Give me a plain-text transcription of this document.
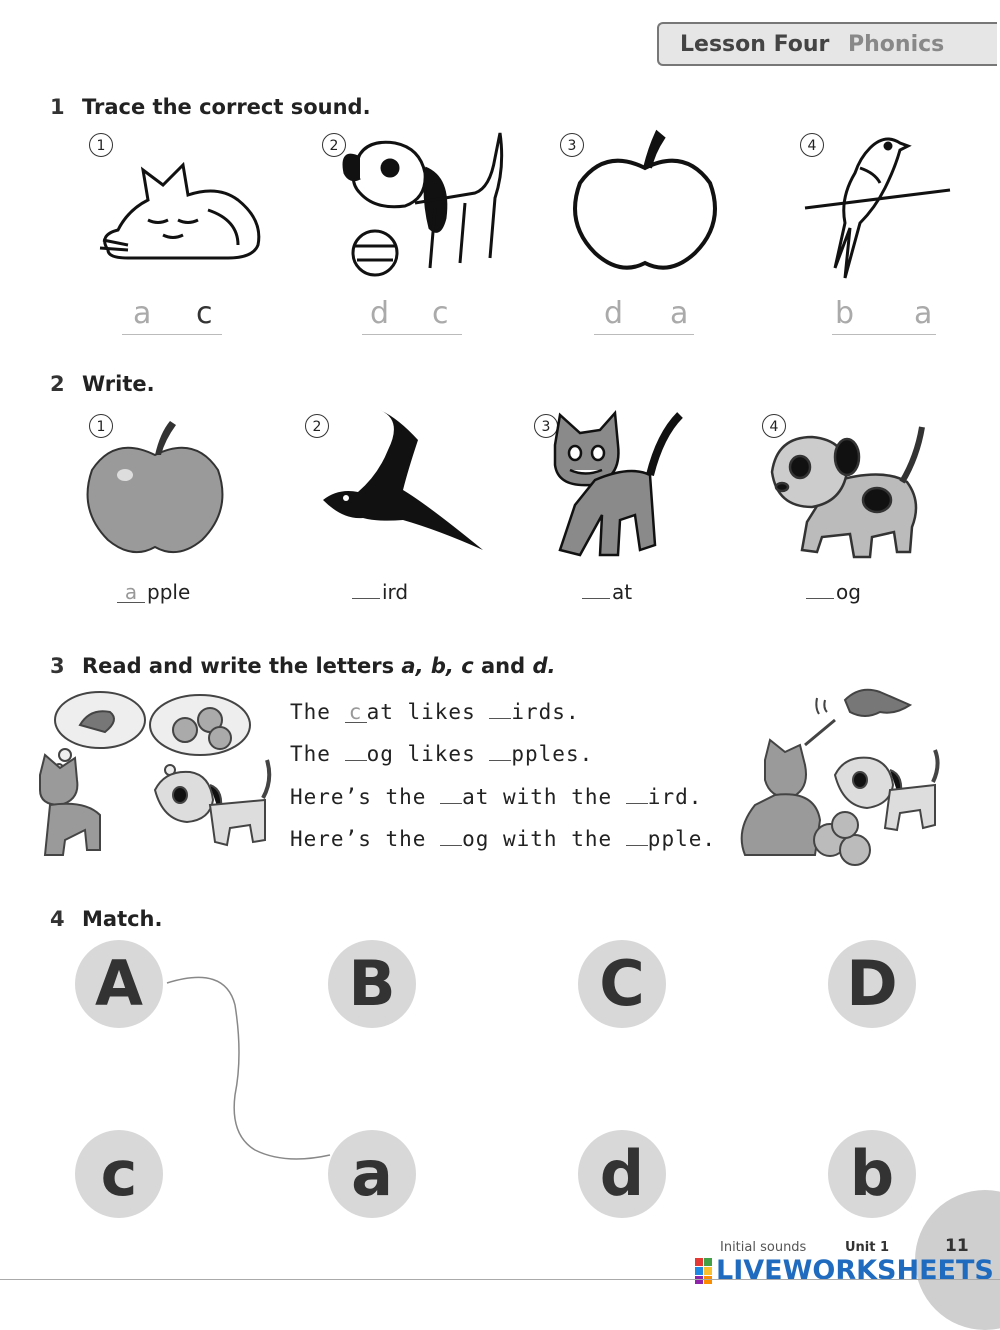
Lesson Four Phonics
1 Trace the correct sound.
1	2	3	4
a c	d c	d a	b a
2 Write.
1	2	3	4
a pple	ird	at	og
3 Read and write the letters a, b, c and d.
The c at likes irds.
The og likes pples.
Here’s the at with the ird.
Here’s the og with the pple.
4 Match.
A	B	C	D
c	a	d	b
Initial sounds	Unit 1	11
LIVEWORKSHEETS
